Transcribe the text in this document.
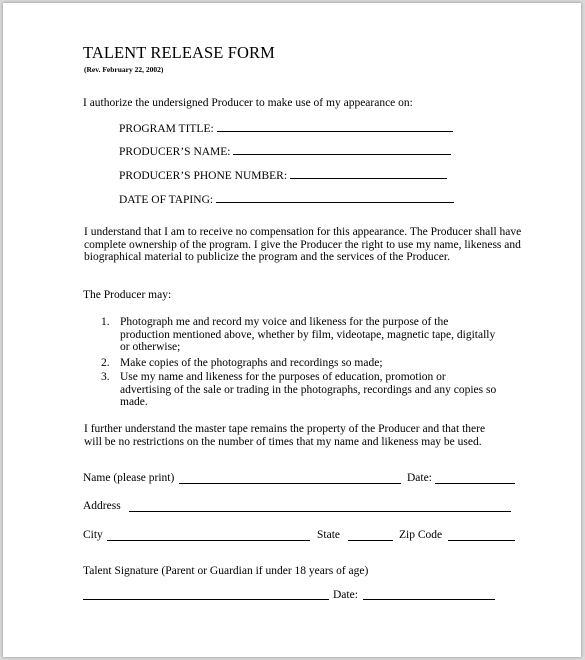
TALENT RELEASE FORM
(Rev. February 22, 2002)
I authorize the undersigned Producer to make use of my appearance on:
PROGRAM TITLE:
PRODUCER’S NAME:
PRODUCER’S PHONE NUMBER:
DATE OF TAPING:
I understand that I am to receive no compensation for this appearance. The Producer shall have complete ownership of the program. I give the Producer the right to use my name, likeness and biographical material to publicize the program and the services of the Producer.
The Producer may:
1. Photograph me and record my voice and likeness for the purpose of the
production mentioned above, whether by film, videotape, magnetic tape, digitally
or otherwise;
2. Make copies of the photographs and recordings so made;
3. Use my name and likeness for the purposes of education, promotion or
advertising of the sale or trading in the photographs, recordings and any copies so
made.
I further understand the master tape remains the property of the Producer and that there
will be no restrictions on the number of times that my name and likeness may be used.
Name (please print)	Date:
Address
City	State	Zip Code
Talent Signature (Parent or Guardian if under 18 years of age)
Date:
